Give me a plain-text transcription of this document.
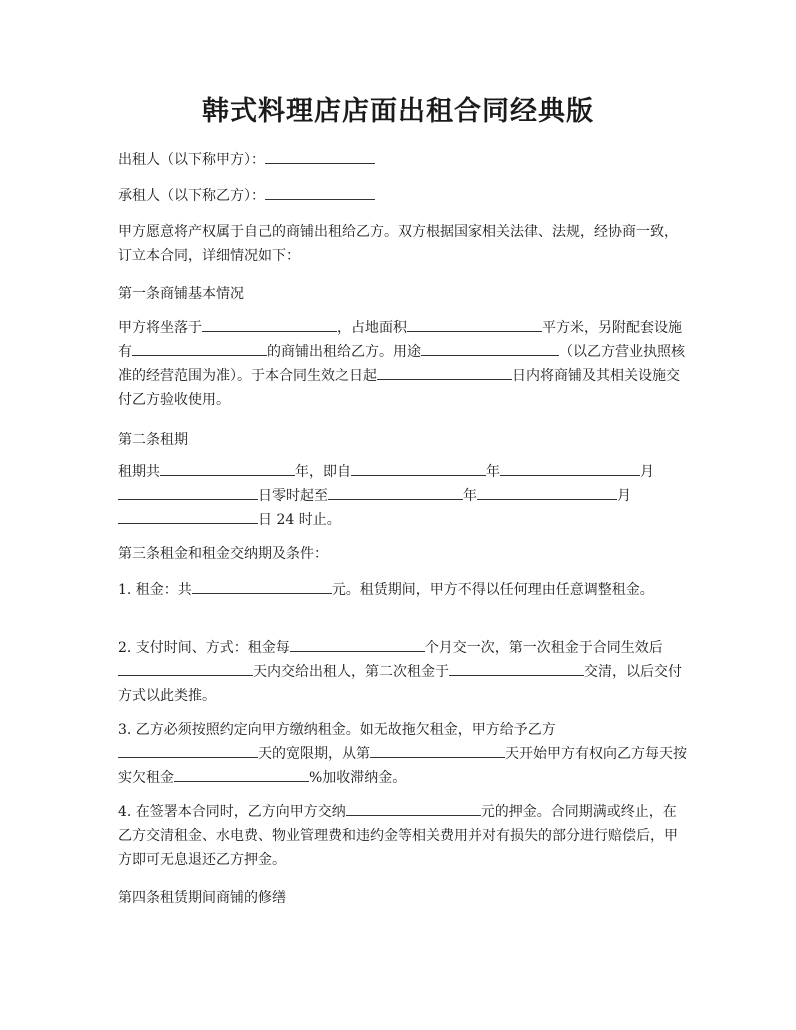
韩式料理店店面出租合同经典版
出租人（以下称甲方）：
承租人（以下称乙方）：
甲方愿意将产权属于自己的商铺出租给乙方。双方根据国家相关法律、法规，经协商一致，订立本合同，详细情况如下：
第一条商铺基本情况
甲方将坐落于	，占地面积	平方米，另附配套设施有	的商铺出租给乙方。用途	（以乙方营业执照核准的经营范围为准）。于本合同生效之日起	日内将商铺及其相关设施交付乙方验收使用。
第二条租期
租期共	年，即自	年	月日零时起至	年	月日 24 时止。
第三条租金和租金交纳期及条件：
1. 租金：共	元。租赁期间，甲方不得以任何理由任意调整租金。
2. 支付时间、方式：租金每	个月交一次，第一次租金于合同生效后天内交给出租人，第二次租金于	交清，以后交付方式以此类推。
3. 乙方必须按照约定向甲方缴纳租金。如无故拖欠租金，甲方给予乙方天的宽限期，从第	天开始甲方有权向乙方每天按实欠租金	%加收滞纳金。
4. 在签署本合同时，乙方向甲方交纳	元的押金。合同期满或终止，在乙方交清租金、水电费、物业管理费和违约金等相关费用并对有损失的部分进行赔偿后，甲方即可无息退还乙方押金。
第四条租赁期间商铺的修缮
